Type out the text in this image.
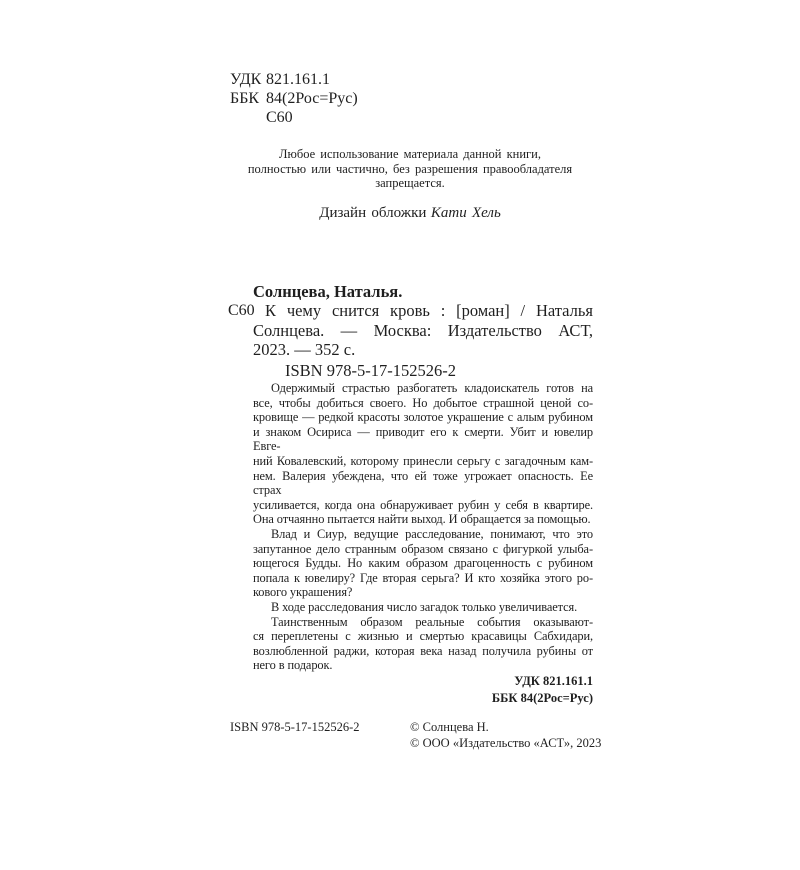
УДК 821.161.1
ББК 84(2Рос=Рус)
С60
Любое использование материала данной книги,
полностью или частично, без разрешения правообладателя
запрещается.
Дизайн обложки Кати Хель
Солнцева, Наталья.
С60 К чему снится кровь : [роман] / Наталья
Солнцева. — Москва: Издательство АСТ,
2023. — 352 с.
ISBN 978-5-17-152526-2
Одержимый страстью разбогатеть кладоискатель готов на
все, чтобы добиться своего. Но добытое страшной ценой со-
кровище — редкой красоты золотое украшение с алым рубином
и знаком Осириса — приводит его к смерти. Убит и ювелир Евге-
ний Ковалевский, которому принесли серьгу с загадочным кам-
нем. Валерия убеждена, что ей тоже угрожает опасность. Ее страх
усиливается, когда она обнаруживает рубин у себя в квартире.
Она отчаянно пытается найти выход. И обращается за помощью.
Влад и Сиур, ведущие расследование, понимают, что это
запутанное дело странным образом связано с фигуркой улыба-
ющегося Будды. Но каким образом драгоценность с рубином
попала к ювелиру? Где вторая серьга? И кто хозяйка этого ро-
кового украшения?
В ходе расследования число загадок только увеличивается.
Таинственным образом реальные события оказывают-
ся переплетены с жизнью и смертью красавицы Сабхидари,
возлюбленной раджи, которая века назад получила рубины от
него в подарок.
УДК 821.161.1
ББК 84(2Рос=Рус)
ISBN 978-5-17-152526-2	© Солнцева Н.
© ООО «Издательство «АСТ», 2023
